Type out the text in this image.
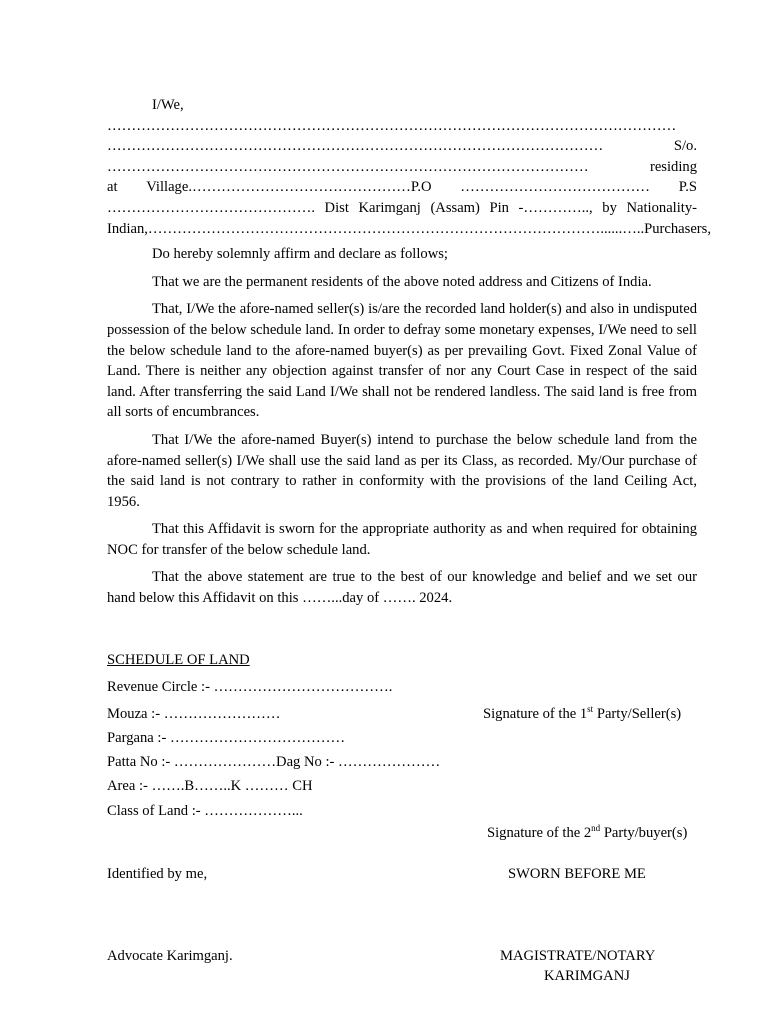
I/We,

………………………………………………………………………………………………………
…………………………………………………………………………………………	S/o.
………………………………………………………………………………………	residing
at Village.………………………………………P.O ………………………………… P.S
……………………………………. Dist Karimganj (Assam) Pin -………….., by Nationality-
Indian,…………………………………………………………………………………......…..Purchasers,

Do hereby solemnly affirm and declare as follows;

That we are the permanent residents of the above noted address and Citizens of India.

That, I/We the afore-named seller(s) is/are the recorded land holder(s) and also in undisputed possession of the below schedule land. In order to defray some monetary expenses, I/We need to sell the below schedule land to the afore-named buyer(s) as per prevailing Govt. Fixed Zonal Value of Land. There is neither any objection against transfer of nor any Court Case in respect of the said land. After transferring the said Land I/We shall not be rendered landless. The said land is free from all sorts of encumbrances.

That I/We the afore-named Buyer(s) intend to purchase the below schedule land from the afore-named seller(s) I/We shall use the said land as per its Class, as recorded. My/Our purchase of the said land is not contrary to rather in conformity with the provisions of the land Ceiling Act, 1956.

That this Affidavit is sworn for the appropriate authority as and when required for obtaining NOC for transfer of the below schedule land.

That the above statement are true to the best of our knowledge and belief and we set our hand below this Affidavit on this ……...day of ……. 2024.

SCHEDULE OF LAND
Revenue Circle :- ……………………………….
Mouza :- ……………………
Pargana :- ………………………………
Patta No :- …………………Dag No :- …………………
Area :- …….B……..K ……… CH
Class of Land :- ………………...
Signature of the 1st Party/Seller(s)
Signature of the 2nd Party/buyer(s)
Identified by me,	SWORN BEFORE ME
Advocate Karimganj.	MAGISTRATE/NOTARY
KARIMGANJ
